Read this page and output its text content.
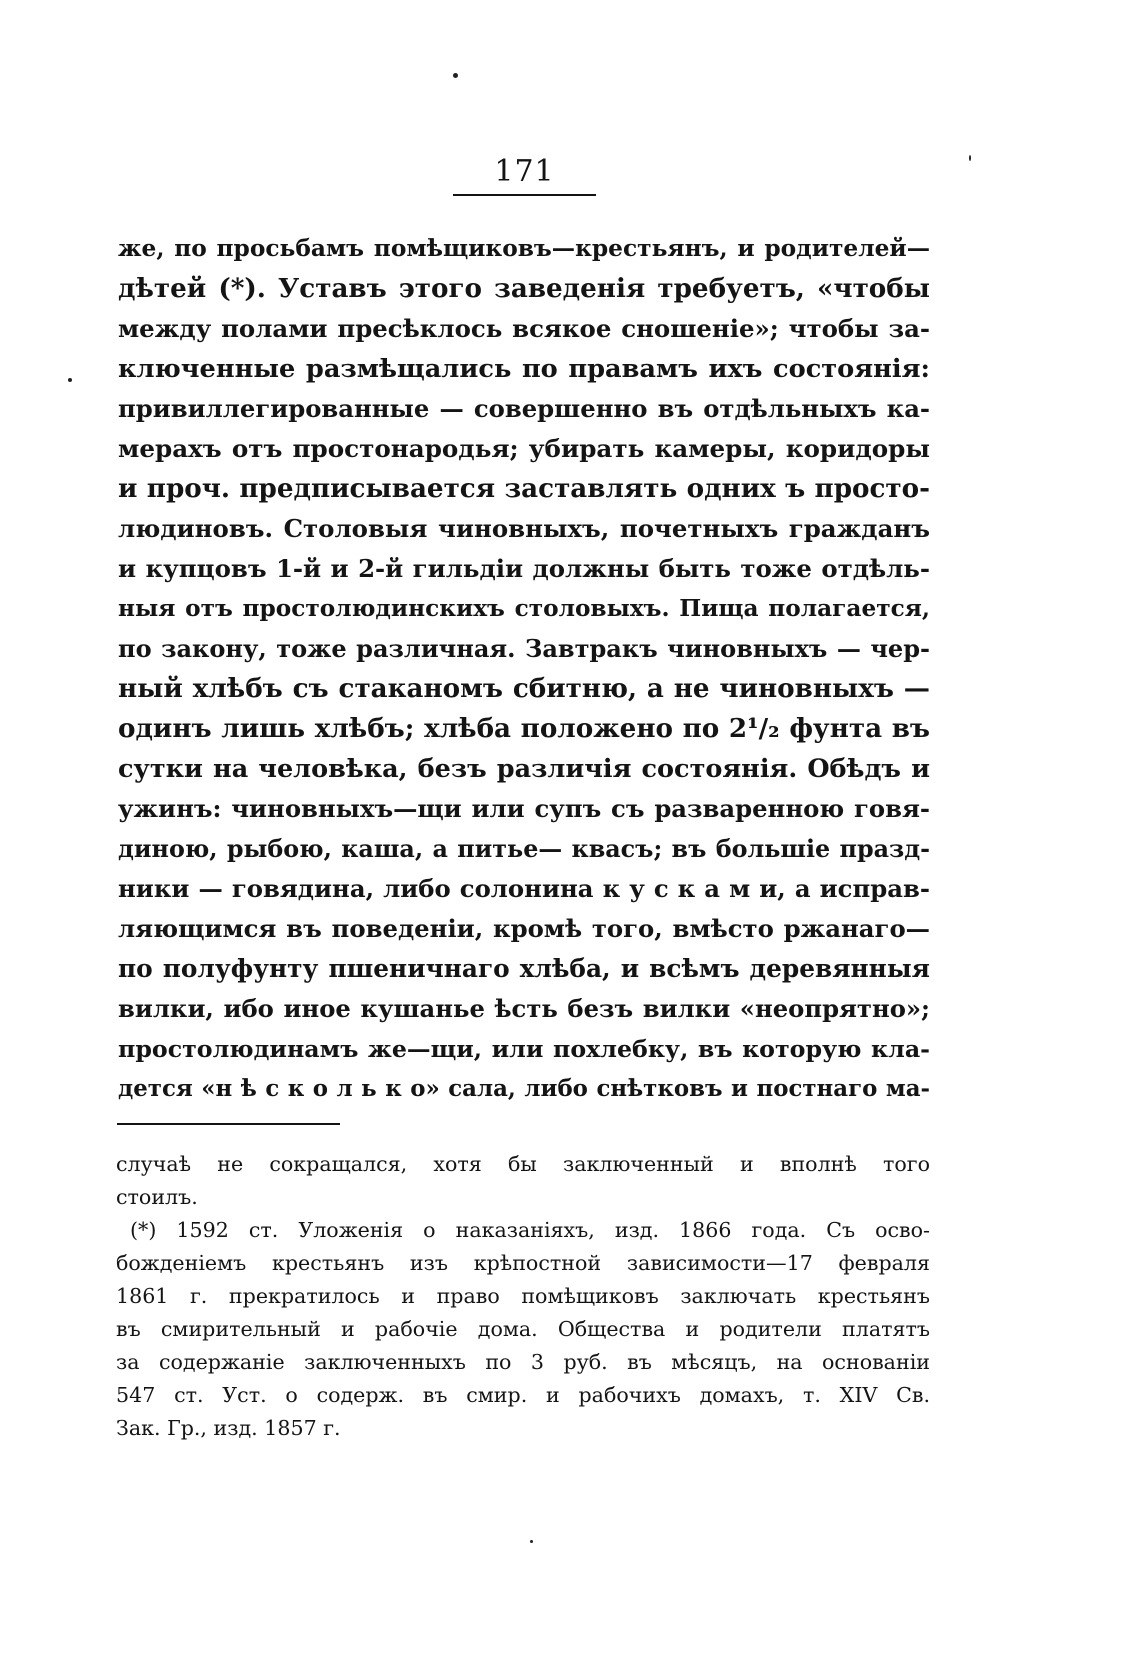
171
же, по просьбамъ помѣщиковъ—крестьянъ, и родителей—
дѣтей (*). Уставъ этого заведенія требуетъ, «чтобы
между полами пресѣклось всякое сношеніе»; чтобы за-
ключенные размѣщались по правамъ ихъ состоянія:
привиллегированные — совершенно въ отдѣльныхъ ка-
мерахъ отъ простонародья; убирать камеры, коридоры
и проч. предписывается заставлять одних ъ просто-
людиновъ. Столовыя чиновныхъ, почетныхъ гражданъ
и купцовъ 1-й и 2-й гильдіи должны быть тоже отдѣль-
ныя отъ простолюдинскихъ столовыхъ. Пища полагается,
по закону, тоже различная. Завтракъ чиновныхъ — чер-
ный хлѣбъ съ стаканомъ сбитню, а не чиновныхъ —
одинъ лишь хлѣбъ; хлѣба положено по 2¹/₂ фунта въ
сутки на человѣка, безъ различія состоянія. Обѣдъ и
ужинъ: чиновныхъ—щи или супъ съ разваренною говя-
диною, рыбою, каша, а питье— квасъ; въ большіе празд-
ники — говядина, либо солонина к у с к а м и, а исправ-
ляющимся въ поведеніи, кромѣ того, вмѣсто ржанаго—
по полуфунту пшеничнаго хлѣба, и всѣмъ деревянныя
вилки, ибо иное кушанье ѣсть безъ вилки «неопрятно»;
простолюдинамъ же—щи, или похлебку, въ которую кла-
дется «н ѣ с к о л ь к о» сала, либо снѣтковъ и постнаго ма-
случаѣ не сокращался, хотя бы заключенный и вполнѣ того
стоилъ.
(*) 1592 ст. Уложенія о наказаніяхъ, изд. 1866 года. Съ осво-
божденіемъ крестьянъ изъ крѣпостной зависимости—17 февраля
1861 г. прекратилось и право помѣщиковъ заключать крестьянъ
въ смирительный и рабочіе дома. Общества и родители платятъ
за содержаніе заключенныхъ по 3 руб. въ мѣсяцъ, на основаніи
547 ст. Уст. о содерж. въ смир. и рабочихъ домахъ, т. XIV Св.
Зак. Гр., изд. 1857 г.
